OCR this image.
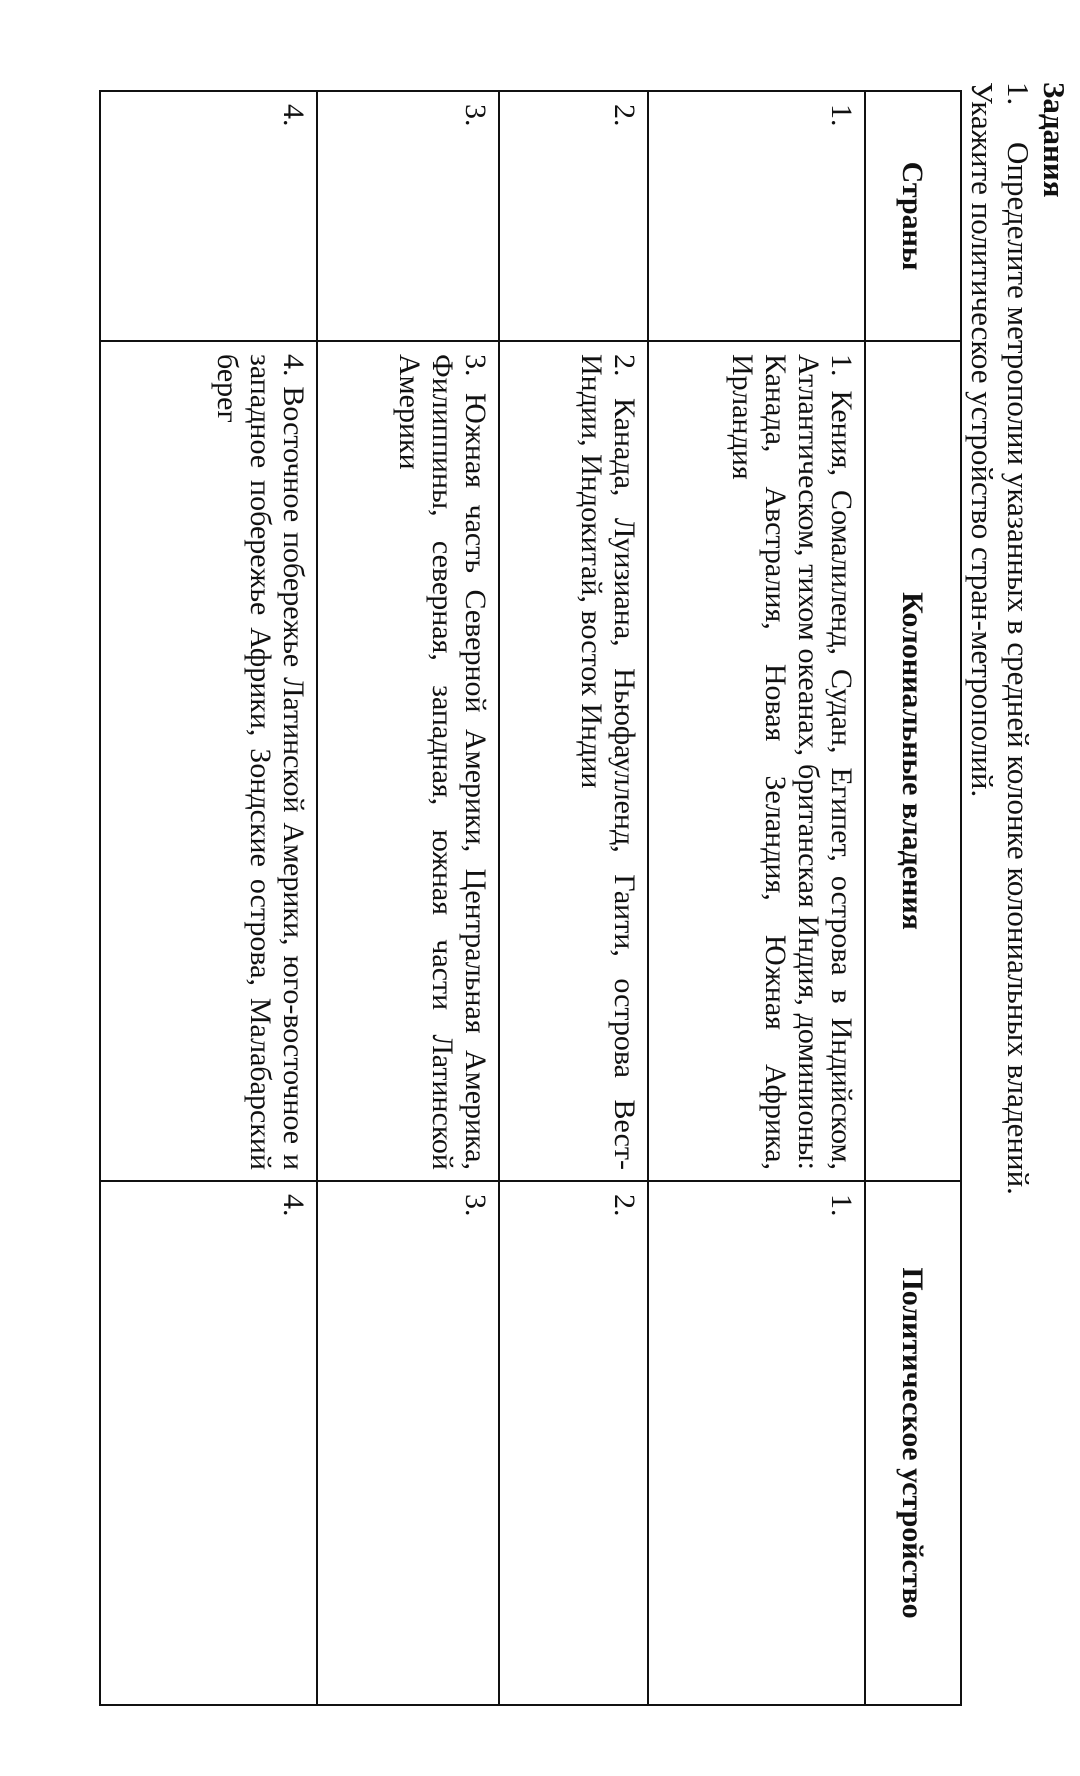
Задания
1.Определите метрополии указанных в средней колонке колониальных владений.
Укажите политическое устройство стран-метрополий.
Страны	Колониальные владения	Политическое устройство
1.	1. Кения, Сомалиленд, Судан, Египет, острова в Индийском, Атлантическом, тихом океанах, британская Индия, доминионы: Канада, Австралия, Новая Зеландия, Южная Африка, Ирландия	1.
2.	2. Канада, Луизиана, Ньюфаулленд, Гаити, острова Вест-Индии, Индокитай, восток Индии	2.
3.	3. Южная часть Северной Америки, Центральная Америка, Филиппины, северная, западная, южная части Латинской Америки	3.
4.	4. Восточное побережье Латинской Америки, юго-восточное и западное побережье Африки, Зондские острова, Малабарский берег	4.
